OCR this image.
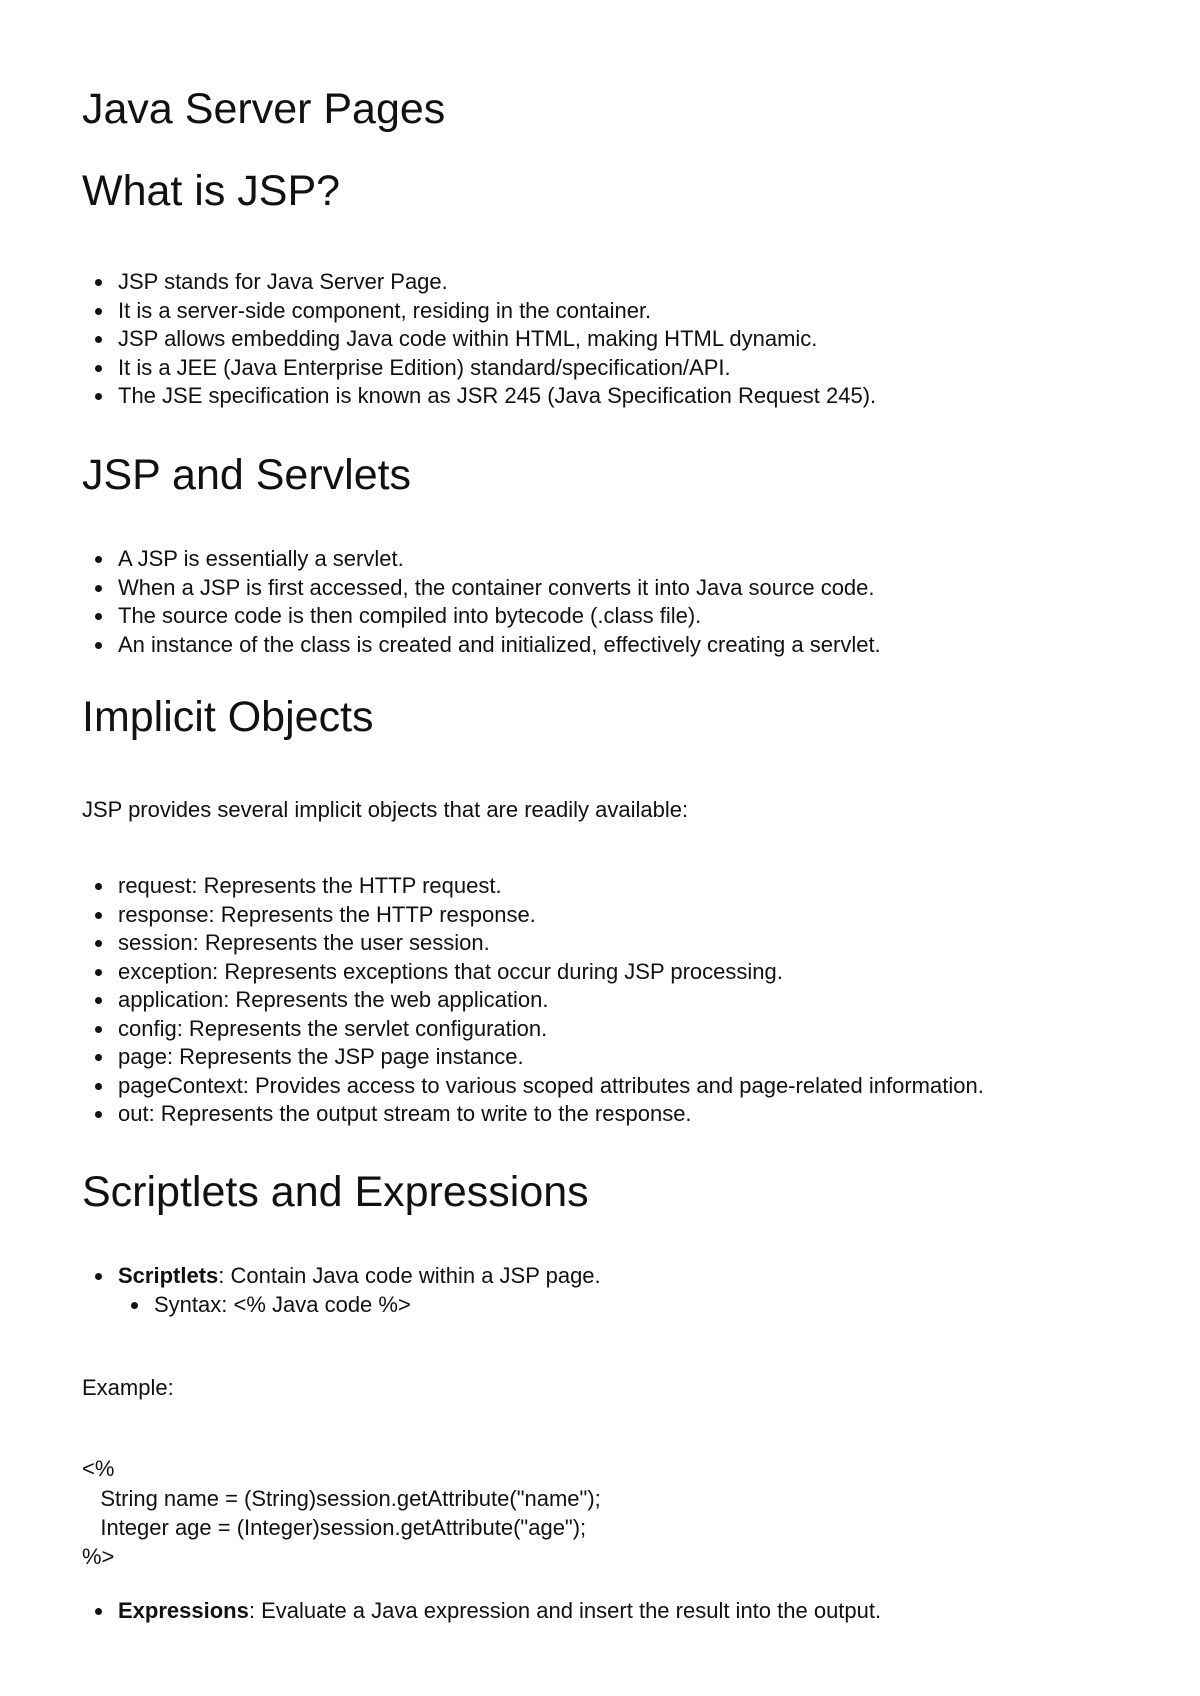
Java Server Pages
What is JSP?
JSP stands for Java Server Page.
It is a server-side component, residing in the container.
JSP allows embedding Java code within HTML, making HTML dynamic.
It is a JEE (Java Enterprise Edition) standard/specification/API.
The JSE specification is known as JSR 245 (Java Specification Request 245).
JSP and Servlets
A JSP is essentially a servlet.
When a JSP is first accessed, the container converts it into Java source code.
The source code is then compiled into bytecode (.class file).
An instance of the class is created and initialized, effectively creating a servlet.
Implicit Objects

JSP provides several implicit objects that are readily available:

request: Represents the HTTP request.
response: Represents the HTTP response.
session: Represents the user session.
exception: Represents exceptions that occur during JSP processing.
application: Represents the web application.
config: Represents the servlet configuration.
page: Represents the JSP page instance.
pageContext: Provides access to various scoped attributes and page-related information.
out: Represents the output stream to write to the response.
Scriptlets and Expressions
Scriptlets: Contain Java code within a JSP page.
Syntax: <% Java code %>

Example:

<%
String name = (String)session.getAttribute("name");
Integer age = (Integer)session.getAttribute("age");
%>
Expressions: Evaluate a Java expression and insert the result into the output.
